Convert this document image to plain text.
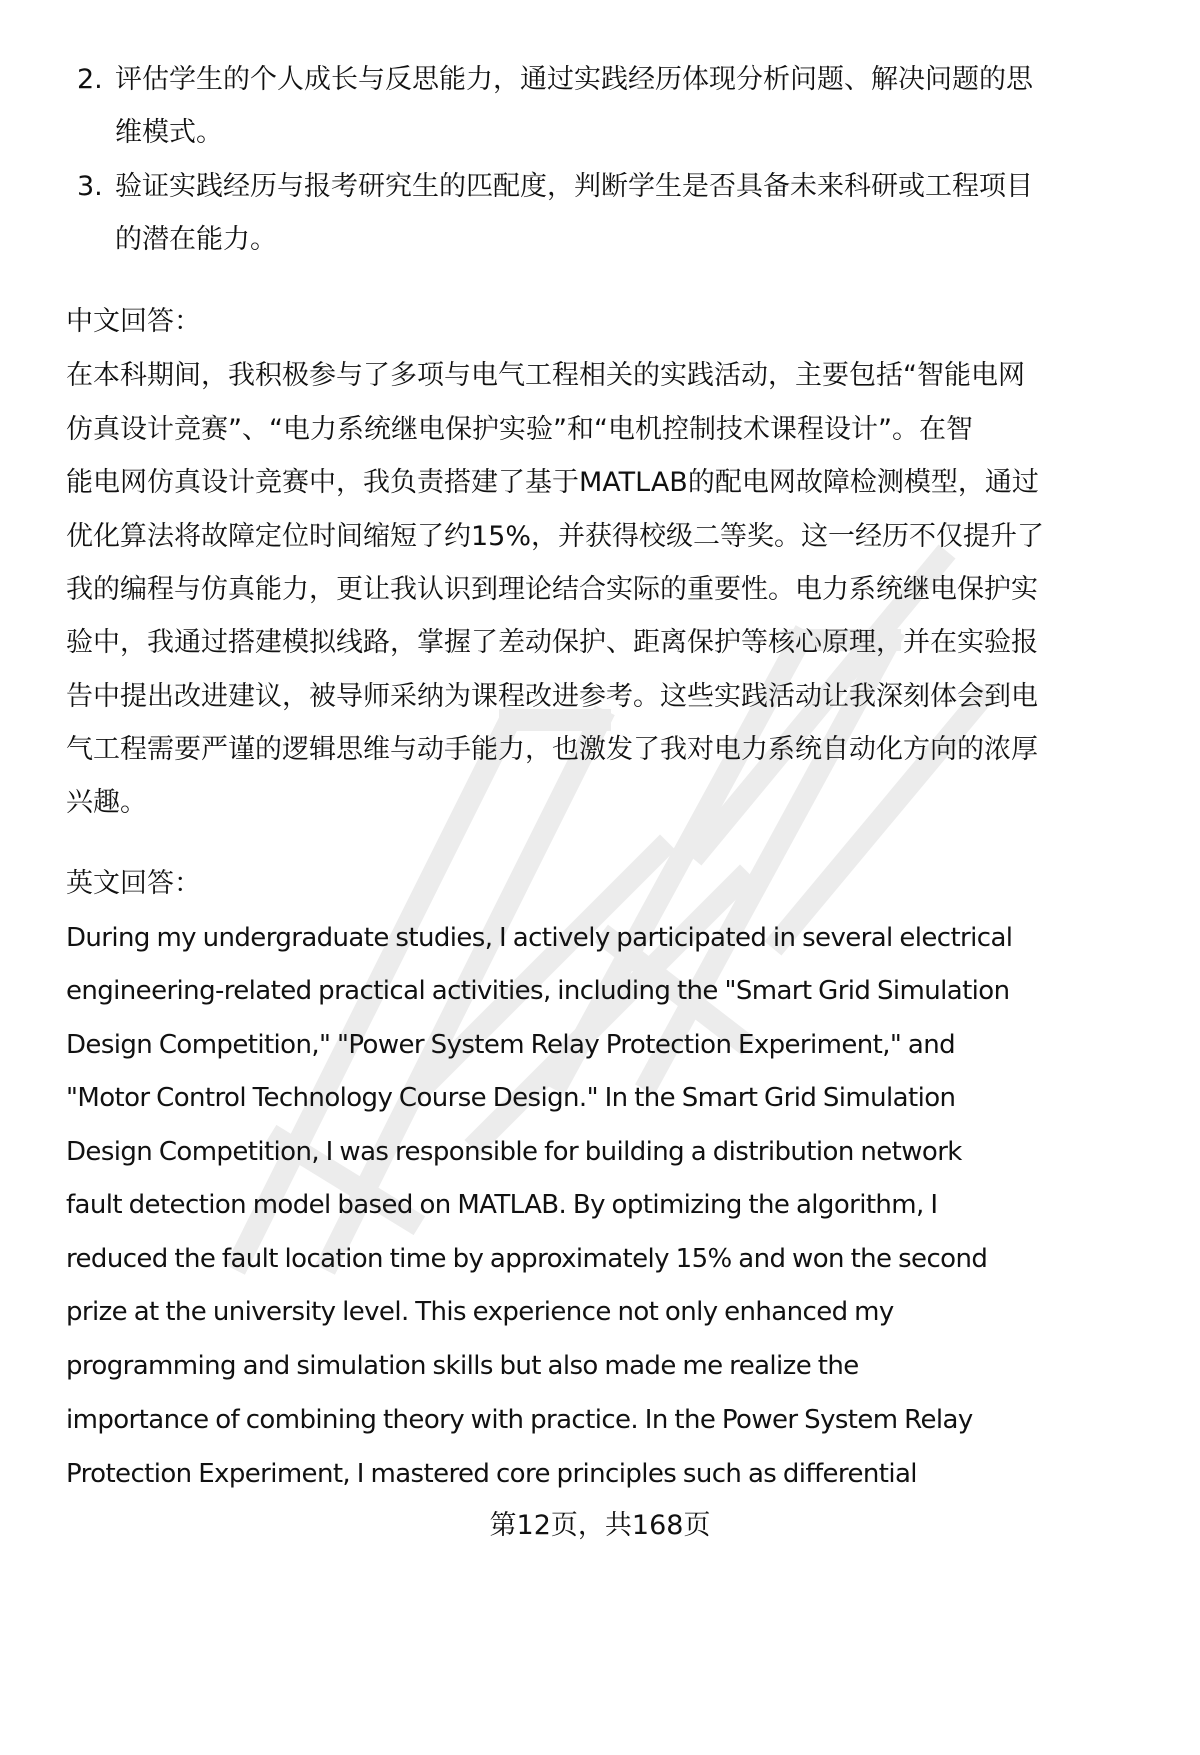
2. 评估学生的个人成长与反思能力，通过实践经历体现分析问题、解决问题的思
维模式。
3. 验证实践经历与报考研究生的匹配度，判断学生是否具备未来科研或工程项目
的潜在能力。
中文回答：
在本科期间，我积极参与了多项与电气工程相关的实践活动，主要包括“智能电网
仿真设计竞赛”、“电力系统继电保护实验”和“电机控制技术课程设计”。在智
能电网仿真设计竞赛中，我负责搭建了基于MATLAB的配电网故障检测模型，通过
优化算法将故障定位时间缩短了约15%，并获得校级二等奖。这一经历不仅提升了
我的编程与仿真能力，更让我认识到理论结合实际的重要性。电力系统继电保护实
验中，我通过搭建模拟线路，掌握了差动保护、距离保护等核心原理，并在实验报
告中提出改进建议，被导师采纳为课程改进参考。这些实践活动让我深刻体会到电
气工程需要严谨的逻辑思维与动手能力，也激发了我对电力系统自动化方向的浓厚
兴趣。
英文回答：
During my undergraduate studies, I actively participated in several electrical
engineering-related practical activities, including the "Smart Grid Simulation
Design Competition," "Power System Relay Protection Experiment," and
"Motor Control Technology Course Design." In the Smart Grid Simulation
Design Competition, I was responsible for building a distribution network
fault detection model based on MATLAB. By optimizing the algorithm, I
reduced the fault location time by approximately 15% and won the second
prize at the university level. This experience not only enhanced my
programming and simulation skills but also made me realize the
importance of combining theory with practice. In the Power System Relay
Protection Experiment, I mastered core principles such as differential
第12页，共168页
